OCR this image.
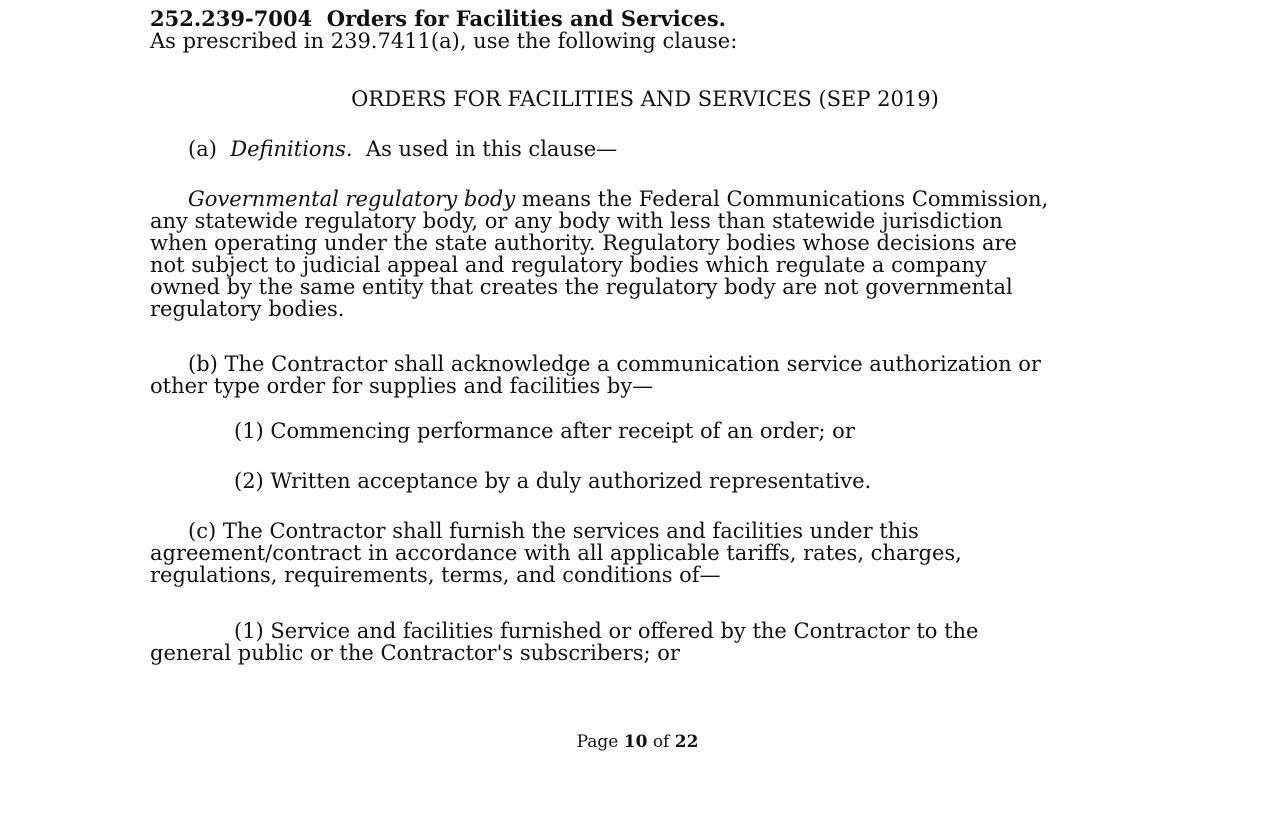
252.239-7004 Orders for Facilities and Services.

As prescribed in 239.7411(a), use the following clause:

ORDERS FOR FACILITIES AND SERVICES (SEP 2019)

(a) Definitions. As used in this clause—

Governmental regulatory body means the Federal Communications Commission,

any statewide regulatory body, or any body with less than statewide jurisdiction

when operating under the state authority. Regulatory bodies whose decisions are

not subject to judicial appeal and regulatory bodies which regulate a company

owned by the same entity that creates the regulatory body are not governmental

regulatory bodies.

(b) The Contractor shall acknowledge a communication service authorization or

other type order for supplies and facilities by—

(1) Commencing performance after receipt of an order; or

(2) Written acceptance by a duly authorized representative.

(c) The Contractor shall furnish the services and facilities under this

agreement/contract in accordance with all applicable tariffs, rates, charges,

regulations, requirements, terms, and conditions of—

(1) Service and facilities furnished or offered by the Contractor to the

general public or the Contractor's subscribers; or

Page 10 of 22
